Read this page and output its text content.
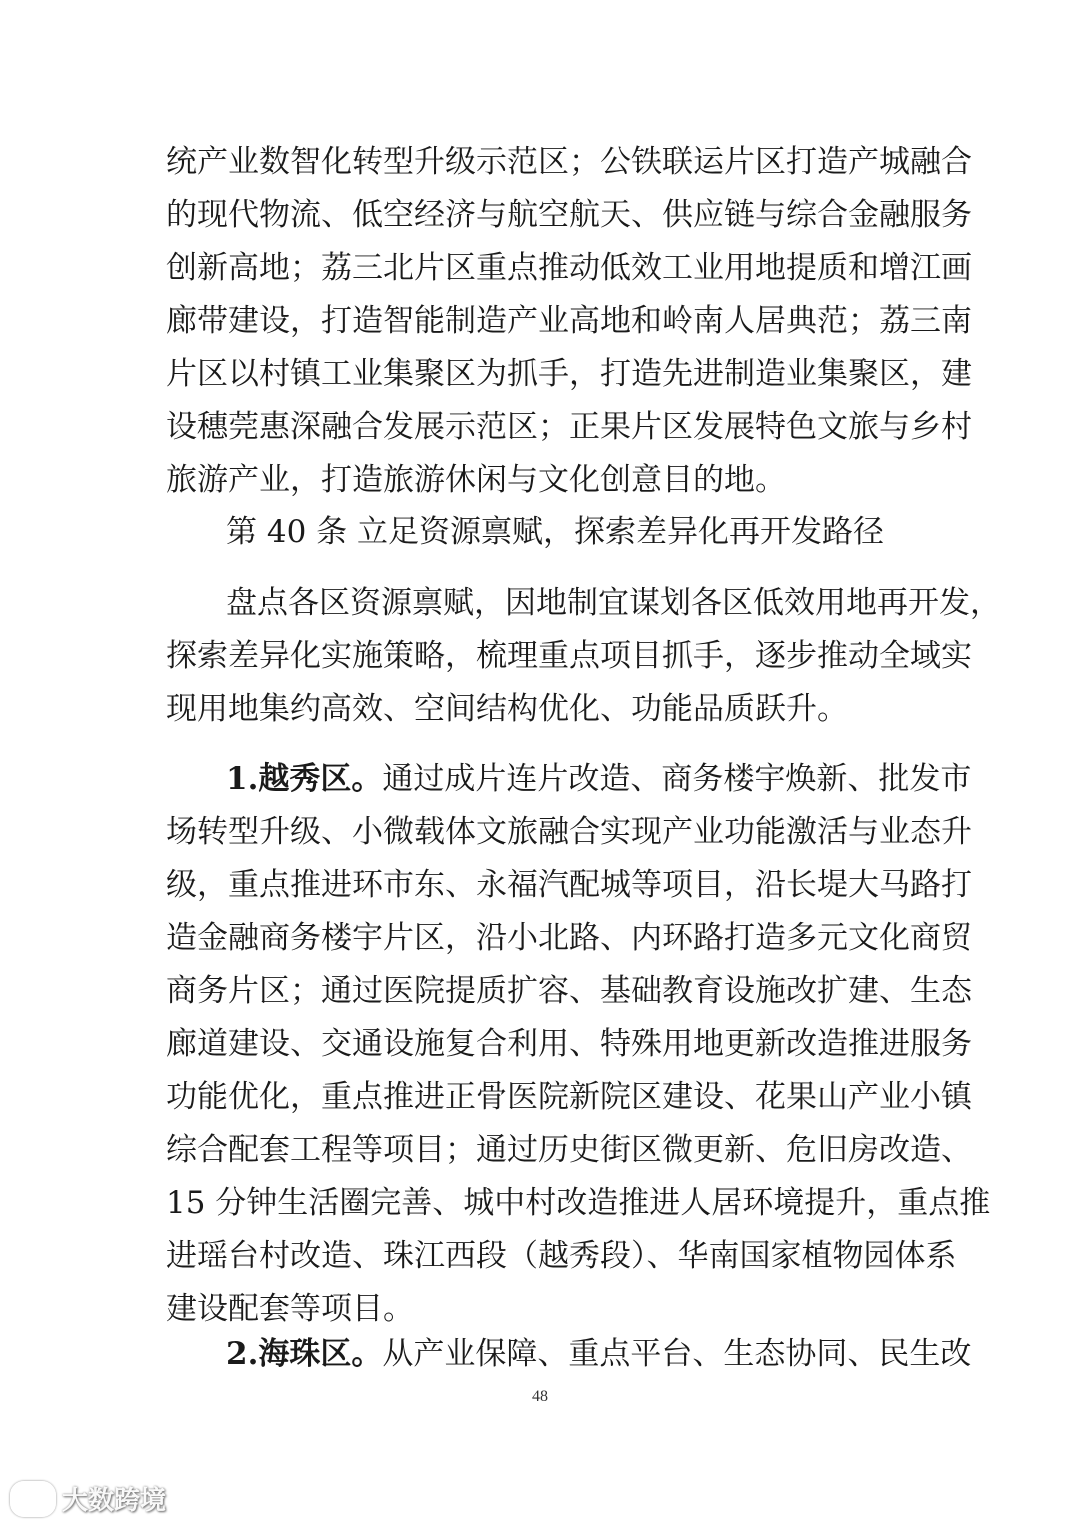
统产业数智化转型升级示范区；公铁联运片区打造产城融合
的现代物流、低空经济与航空航天、供应链与综合金融服务
创新高地；荔三北片区重点推动低效工业用地提质和增江画
廊带建设，打造智能制造产业高地和岭南人居典范；荔三南
片区以村镇工业集聚区为抓手，打造先进制造业集聚区，建
设穗莞惠深融合发展示范区；正果片区发展特色文旅与乡村
旅游产业，打造旅游休闲与文化创意目的地。
第 40 条 立足资源禀赋，探索差异化再开发路径
盘点各区资源禀赋，因地制宜谋划各区低效用地再开发，
探索差异化实施策略，梳理重点项目抓手，逐步推动全域实
现用地集约高效、空间结构优化、功能品质跃升。
1.越秀区。通过成片连片改造、商务楼宇焕新、批发市
场转型升级、小微载体文旅融合实现产业功能激活与业态升
级，重点推进环市东、永福汽配城等项目，沿长堤大马路打
造金融商务楼宇片区，沿小北路、内环路打造多元文化商贸
商务片区；通过医院提质扩容、基础教育设施改扩建、生态
廊道建设、交通设施复合利用、特殊用地更新改造推进服务
功能优化，重点推进正骨医院新院区建设、花果山产业小镇
综合配套工程等项目；通过历史街区微更新、危旧房改造、
15 分钟生活圈完善、城中村改造推进人居环境提升，重点推
进瑶台村改造、珠江西段（越秀段）、华南国家植物园体系
建设配套等项目。
2.海珠区。从产业保障、重点平台、生态协同、民生改
48
大数跨境
